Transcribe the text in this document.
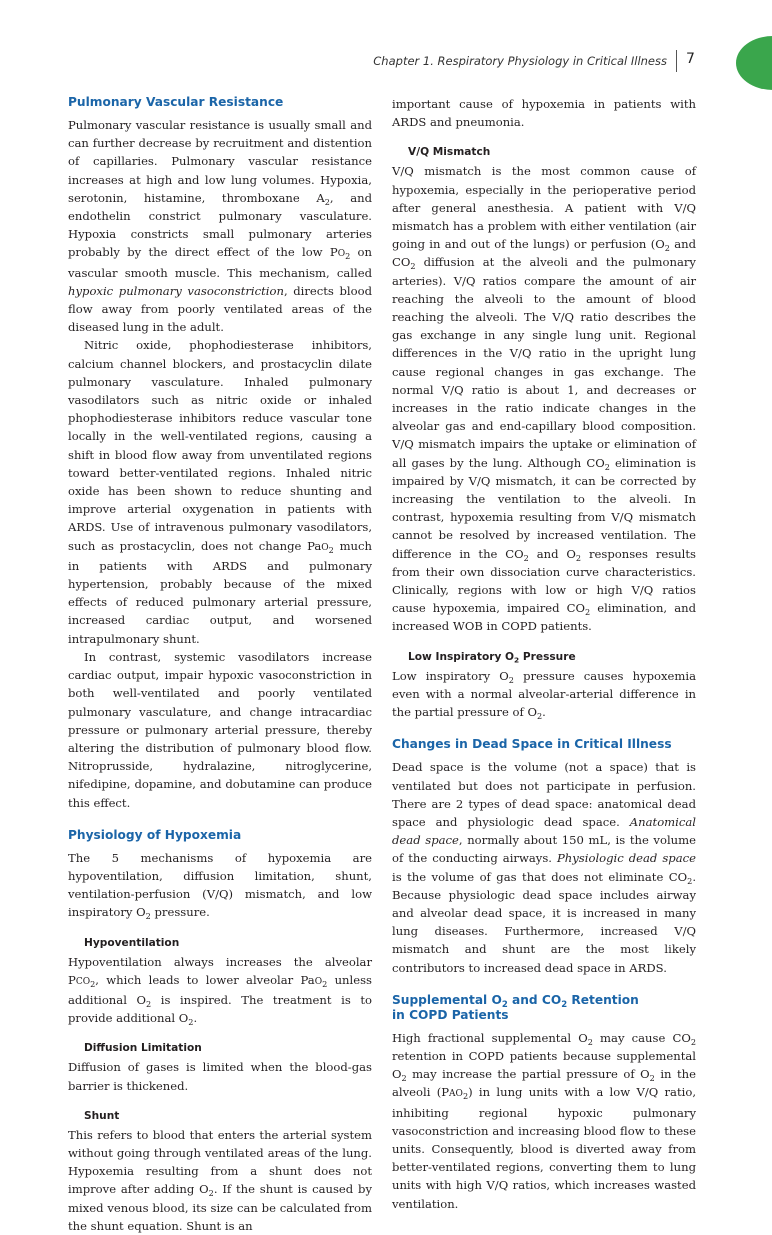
Chapter 1. Respiratory Physiology in Critical Illness 7
Pulmonary Vascular Resistance

Pulmonary vascular resistance is usually small and can further decrease by recruitment and distention of capillaries. Pulmonary vascular resistance increases at high and low lung volumes. Hypoxia, serotonin, histamine, thromboxane $A_2$, and endothelin constrict pulmonary vasculature. Hypoxia constricts small pulmonary arteries probably by the direct effect of the low $PO_2$ on vascular smooth muscle. This mechanism, called hypoxic pulmonary vasoconstriction, directs blood flow away from poorly ventilated areas of the diseased lung in the adult.

Nitric oxide, phophodiesterase inhibitors, calcium channel blockers, and prostacyclin dilate pulmonary vasculature. Inhaled pulmonary vasodilators such as nitric oxide or inhaled phophodiesterase inhibitors reduce vascular tone locally in the well-ventilated regions, causing a shift in blood flow away from unventilated regions toward better-ventilated regions. Inhaled nitric oxide has been shown to reduce shunting and improve arterial oxygenation in patients with ARDS. Use of intravenous pulmonary vasodilators, such as prostacyclin, does not change PaO$_2$ much in patients with ARDS and pulmonary hypertension, probably because of the mixed effects of reduced pulmonary arterial pressure, increased cardiac output, and worsened intrapulmonary shunt.

In contrast, systemic vasodilators increase cardiac output, impair hypoxic vasoconstriction in both well-ventilated and poorly ventilated pulmonary vasculature, and change intracardiac pressure or pulmonary arterial pressure, thereby altering the distribution of pulmonary blood flow. Nitroprusside, hydralazine, nitroglycerine, nifedipine, dopamine, and dobutamine can produce this effect.

Physiology of Hypoxemia

The 5 mechanisms of hypoxemia are hypoventilation, diffusion limitation, shunt, ventilation-perfusion (V/Q) mismatch, and low inspiratory $O_2$ pressure.

Hypoventilation

Hypoventilation always increases the alveolar $PCO_2$, which leads to lower alveolar PaO$_2$ unless additional $O_2$ is inspired. The treatment is to provide additional $O_2$.

Diffusion Limitation

Diffusion of gases is limited when the blood-gas barrier is thickened.

Shunt

This refers to blood that enters the arterial system without going through ventilated areas of the lung. Hypoxemia resulting from a shunt does not improve after adding $O_2$. If the shunt is caused by mixed venous blood, its size can be calculated from the shunt equation. Shunt is an

important cause of hypoxemia in patients with ARDS and pneumonia.

V/Q Mismatch

V/Q mismatch is the most common cause of hypoxemia, especially in the perioperative period after general anesthesia. A patient with V/Q mismatch has a problem with either ventilation (air going in and out of the lungs) or perfusion ($O_2$ and $CO_2$ diffusion at the alveoli and the pulmonary arteries). V/Q ratios compare the amount of air reaching the alveoli to the amount of blood reaching the alveoli. The V/Q ratio describes the gas exchange in any single lung unit. Regional differences in the V/Q ratio in the upright lung cause regional changes in gas exchange. The normal V/Q ratio is about 1, and decreases or increases in the ratio indicate changes in the alveolar gas and end-capillary blood composition. V/Q mismatch impairs the uptake or elimination of all gases by the lung. Although $CO_2$ elimination is impaired by V/Q mismatch, it can be corrected by increasing the ventilation to the alveoli. In contrast, hypoxemia resulting from V/Q mismatch cannot be resolved by increased ventilation. The difference in the $CO_2$ and $O_2$ responses results from their own dissociation curve characteristics. Clinically, regions with low or high V/Q ratios cause hypoxemia, impaired $CO_2$ elimination, and increased WOB in COPD patients.

Low Inspiratory $O_2$ Pressure

Low inspiratory $O_2$ pressure causes hypoxemia even with a normal alveolar-arterial difference in the partial pressure of $O_2$.

Changes in Dead Space in Critical Illness

Dead space is the volume (not a space) that is ventilated but does not participate in perfusion. There are 2 types of dead space: anatomical dead space and physiologic dead space. Anatomical dead space, normally about 150 mL, is the volume of the conducting airways. Physiologic dead space is the volume of gas that does not eliminate $CO_2$. Because physiologic dead space includes airway and alveolar dead space, it is increased in many lung diseases. Furthermore, increased V/Q mismatch and shunt are the most likely contributors to increased dead space in ARDS.

Supplemental $O_2$ and $CO_2$ Retention
in COPD Patients

High fractional supplemental $O_2$ may cause $CO_2$ retention in COPD patients because supplemental $O_2$ may increase the partial pressure of $O_2$ in the alveoli $(PAO_2)$ in lung units with a low V/Q ratio, inhibiting regional hypoxic pulmonary vasoconstriction and increasing blood flow to these units. Consequently, blood is diverted away from better-ventilated regions, converting them to lung units with high V/Q ratios, which increases wasted ventilation.
